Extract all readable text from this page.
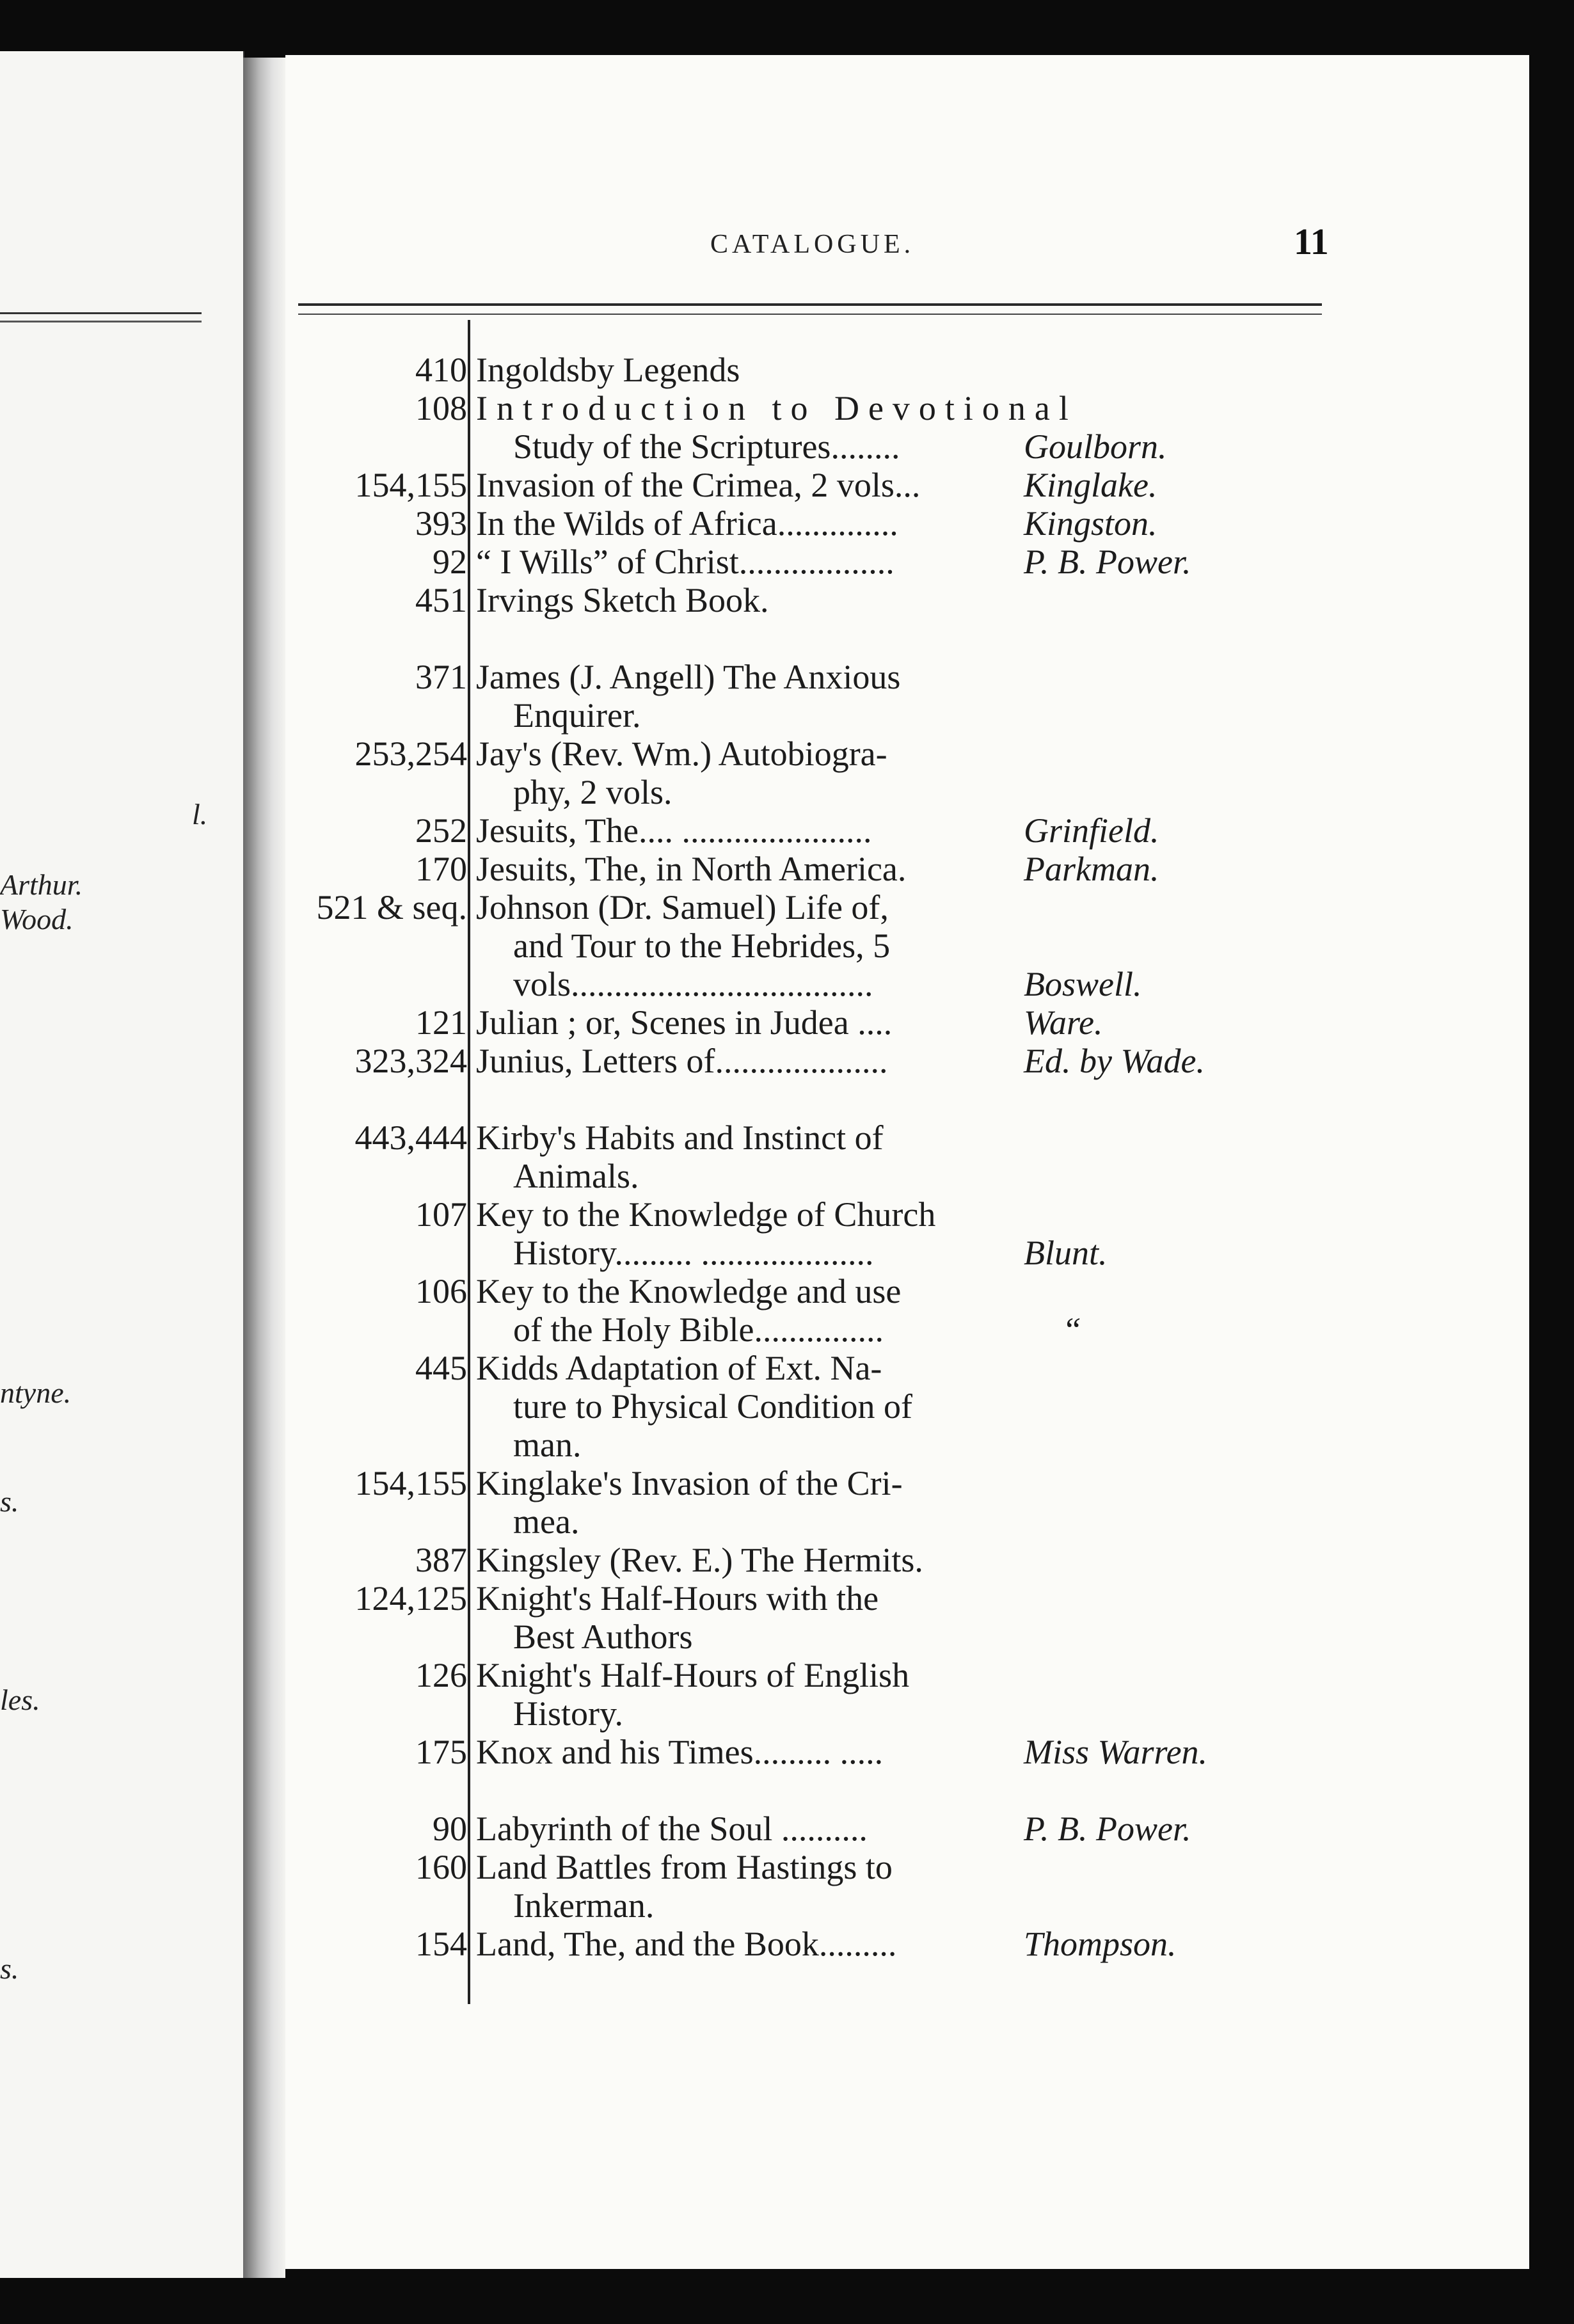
l.
Arthur.
Wood.
ntyne.
s.
les.
s.
CATALOGUE.	11
410 Ingoldsby Legends
108 Introduction to Devotional
Study of the Scriptures........	Goulborn.
154,155 Invasion of the Crimea, 2 vols...	Kinglake.
393 In the Wilds of Africa..............	Kingston.
92 “ I Wills” of Christ..................	P. B. Power.
451 Irvings Sketch Book.
371 James (J. Angell) The Anxious
Enquirer.
253,254 Jay's (Rev. Wm.) Autobiogra-
phy, 2 vols.
252 Jesuits, The.... ......................	Grinfield.
170 Jesuits, The, in North America.	Parkman.
521 & seq. Johnson (Dr. Samuel) Life of,
and Tour to the Hebrides, 5
vols...................................	Boswell.
121 Julian ; or, Scenes in Judea ....	Ware.
323,324 Junius, Letters of....................	Ed. by Wade.
443,444 Kirby's Habits and Instinct of
Animals.
107 Key to the Knowledge of Church
History......... ....................	Blunt.
106 Key to the Knowledge and use
of the Holy Bible...............	“
445 Kidds Adaptation of Ext. Na-
ture to Physical Condition of
man.
154,155 Kinglake's Invasion of the Cri-
mea.
387 Kingsley (Rev. E.) The Hermits.
124,125 Knight's Half-Hours with the
Best Authors
126 Knight's Half-Hours of English
History.
175 Knox and his Times......... .....	Miss Warren.
90 Labyrinth of the Soul ..........	P. B. Power.
160 Land Battles from Hastings to
Inkerman.
154 Land, The, and the Book.........	Thompson.
